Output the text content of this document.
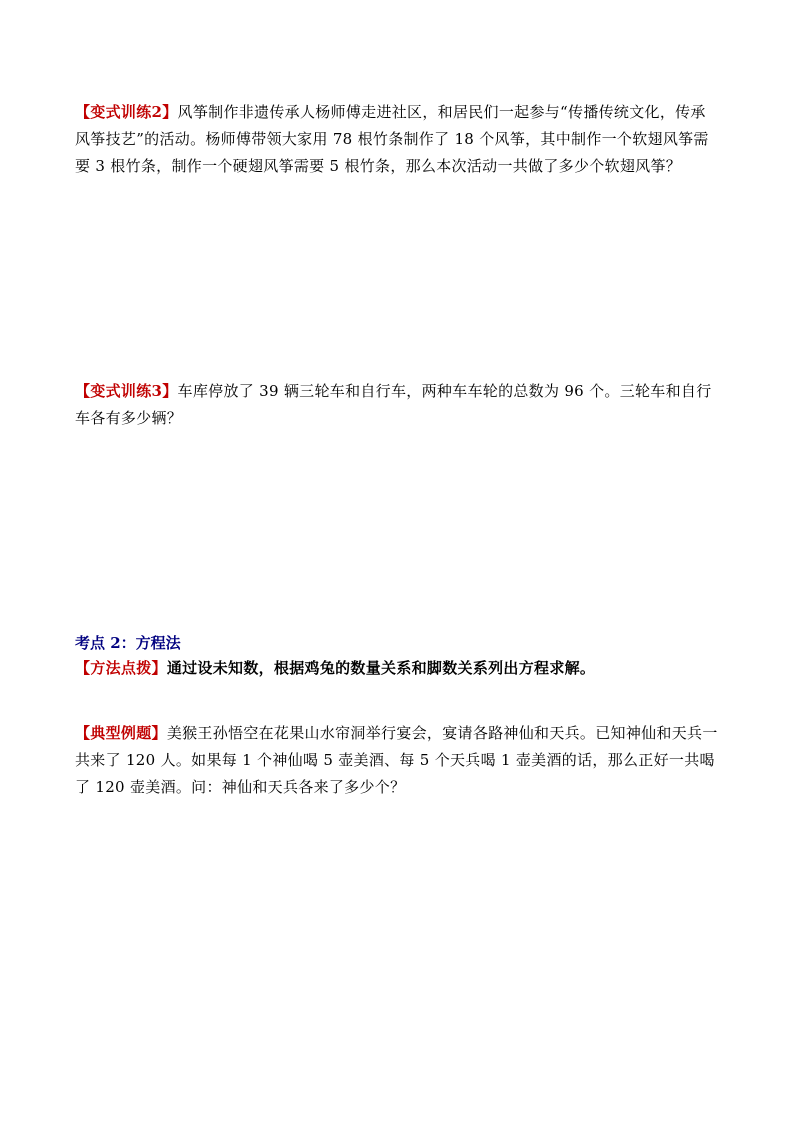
【变式训练2】风筝制作非遗传承人杨师傅走进社区，和居民们一起参与“传播传统文化，传承风筝技艺”的活动。杨师傅带领大家用 78 根竹条制作了 18 个风筝，其中制作一个软翅风筝需要 3 根竹条，制作一个硬翅风筝需要 5 根竹条，那么本次活动一共做了多少个软翅风筝？

【变式训练3】车库停放了 39 辆三轮车和自行车，两种车车轮的总数为 96 个。三轮车和自行车各有多少辆？

考点 2：方程法

【方法点拨】通过设未知数，根据鸡兔的数量关系和脚数关系列出方程求解。

【典型例题】美猴王孙悟空在花果山水帘洞举行宴会，宴请各路神仙和天兵。已知神仙和天兵一共来了 120 人。如果每 1 个神仙喝 5 壶美酒、每 5 个天兵喝 1 壶美酒的话，那么正好一共喝了 120 壶美酒。问：神仙和天兵各来了多少个？
